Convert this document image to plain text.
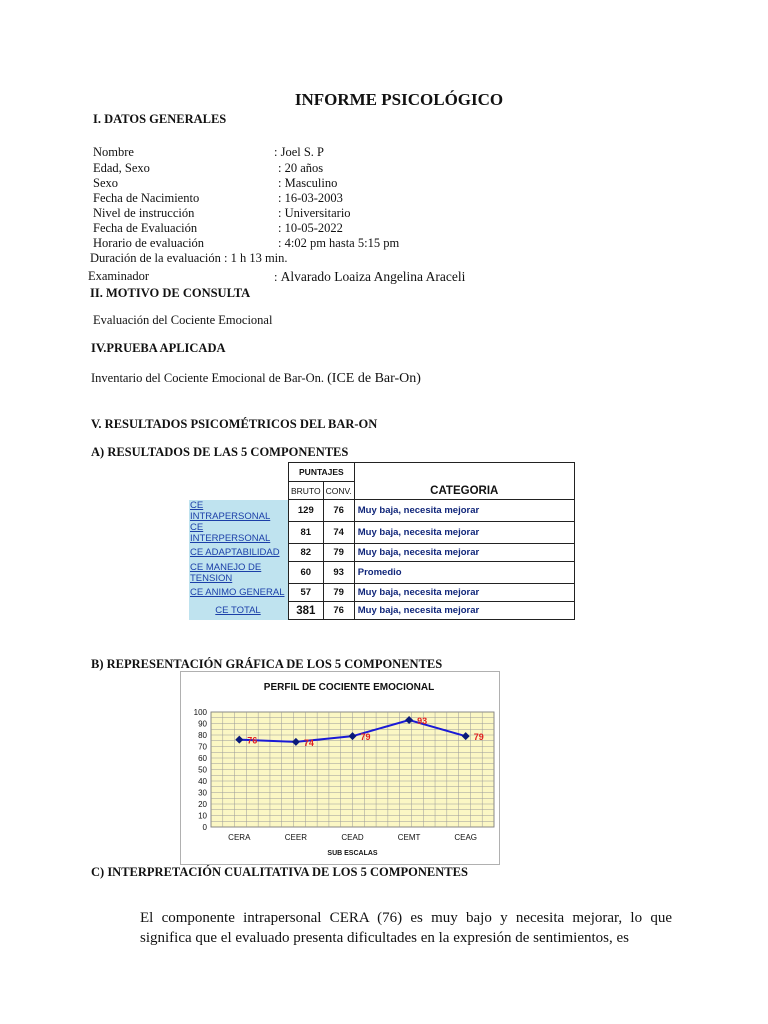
INFORME PSICOLÓGICO
I. DATOS GENERALES
Nombre	: Joel S. P
Edad, Sexo	: 20 años
Sexo	: Masculino
Fecha de Nacimiento	: 16-03-2003
Nivel de instrucción	: Universitario
Fecha de Evaluación	: 10-05-2022
Horario de evaluación	: 4:02 pm hasta 5:15 pm
Duración de la evaluación : 1 h 13 min.
Examinador	: Alvarado Loaiza Angelina Araceli
II. MOTIVO DE CONSULTA
Evaluación del Cociente Emocional
IV.PRUEBA APLICADA
Inventario del Cociente Emocional de Bar-On. (ICE de Bar-On)
V. RESULTADOS PSICOMÉTRICOS DEL BAR-ON
A) RESULTADOS DE LAS 5 COMPONENTES
	PUNTAJES		CATEGORIA
	BRUTO	CONV.	
CE INTRAPERSONAL	129	76	Muy baja, necesita mejorar
CE INTERPERSONAL	81	74	Muy baja, necesita mejorar
CE ADAPTABILIDAD	82	79	Muy baja, necesita mejorar
CE MANEJO DE TENSION	60	93	Promedio
CE ANIMO GENERAL	57	79	Muy baja, necesita mejorar
CE TOTAL	381	76	Muy baja, necesita mejorar
B) REPRESENTACIÓN GRÁFICA DE LOS 5 COMPONENTES
PERFIL DE COCIENTE EMOCIONAL
0
10
20
30
40
50
60
70
80
90
100
CERA	CEER	CEAD	CEMT	CEAG
SUB ESCALAS
76	74
79
93
79
C) INTERPRETACIÓN CUALITATIVA DE LOS 5 COMPONENTES
El componente intrapersonal CERA (76) es muy bajo y necesita mejorar, lo que significa que el evaluado presenta dificultades en la expresión de sentimientos, es
